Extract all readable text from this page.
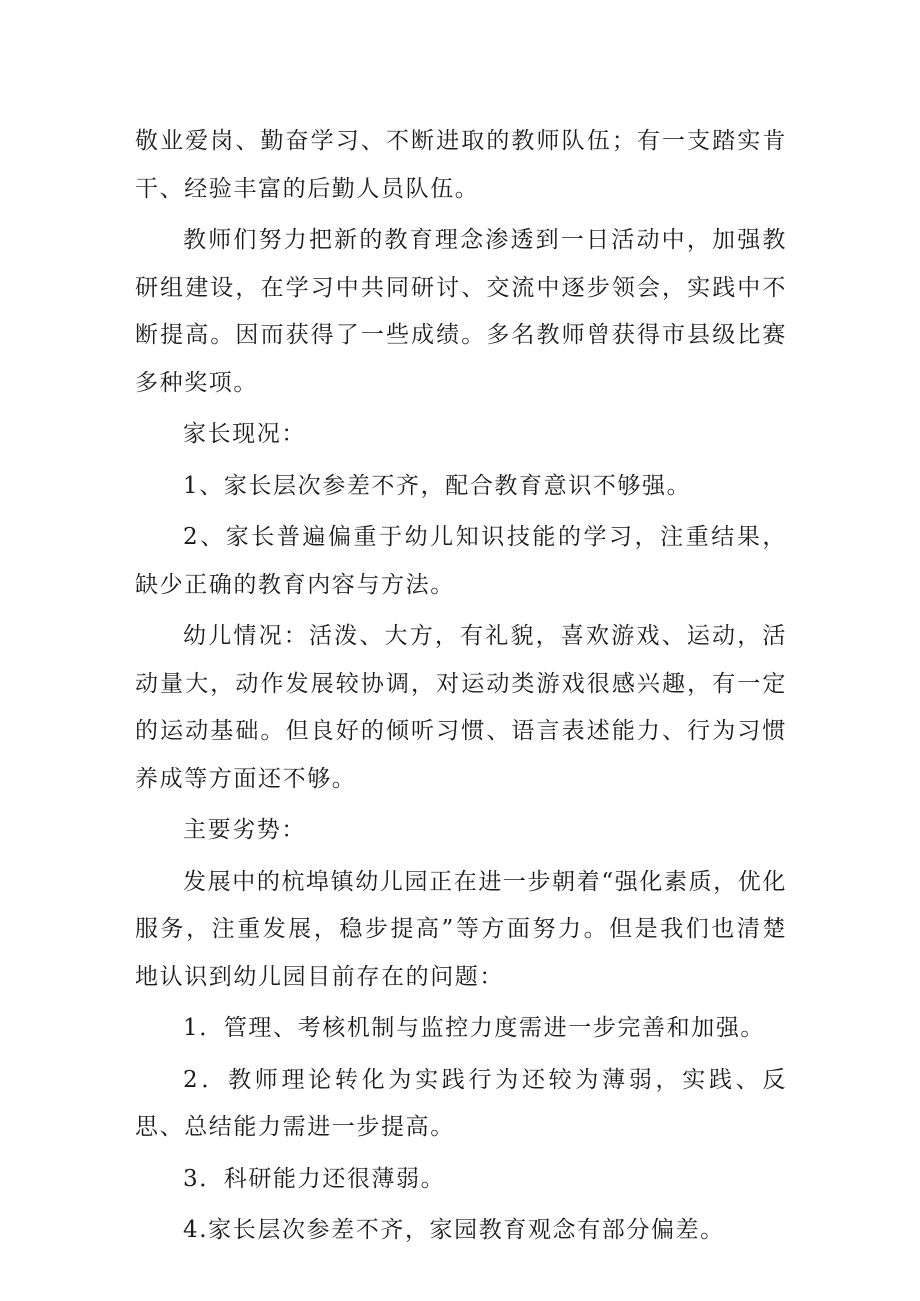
敬业爱岗、勤奋学习、不断进取的教师队伍；有一支踏实肯干、经验丰富的后勤人员队伍。

教师们努力把新的教育理念渗透到一日活动中，加强教研组建设，在学习中共同研讨、交流中逐步领会，实践中不断提高。因而获得了一些成绩。多名教师曾获得市县级比赛多种奖项。

家长现况：

1、家长层次参差不齐，配合教育意识不够强。

2、家长普遍偏重于幼儿知识技能的学习，注重结果，缺少正确的教育内容与方法。

幼儿情况：活泼、大方，有礼貌，喜欢游戏、运动，活动量大，动作发展较协调，对运动类游戏很感兴趣，有一定的运动基础。但良好的倾听习惯、语言表述能力、行为习惯养成等方面还不够。

主要劣势：

发展中的杭埠镇幼儿园正在进一步朝着“强化素质，优化服务，注重发展，稳步提高”等方面努力。但是我们也清楚地认识到幼儿园目前存在的问题：

1．管理、考核机制与监控力度需进一步完善和加强。

2．教师理论转化为实践行为还较为薄弱，实践、反思、总结能力需进一步提高。

3．科研能力还很薄弱。

4.家长层次参差不齐，家园教育观念有部分偏差。
